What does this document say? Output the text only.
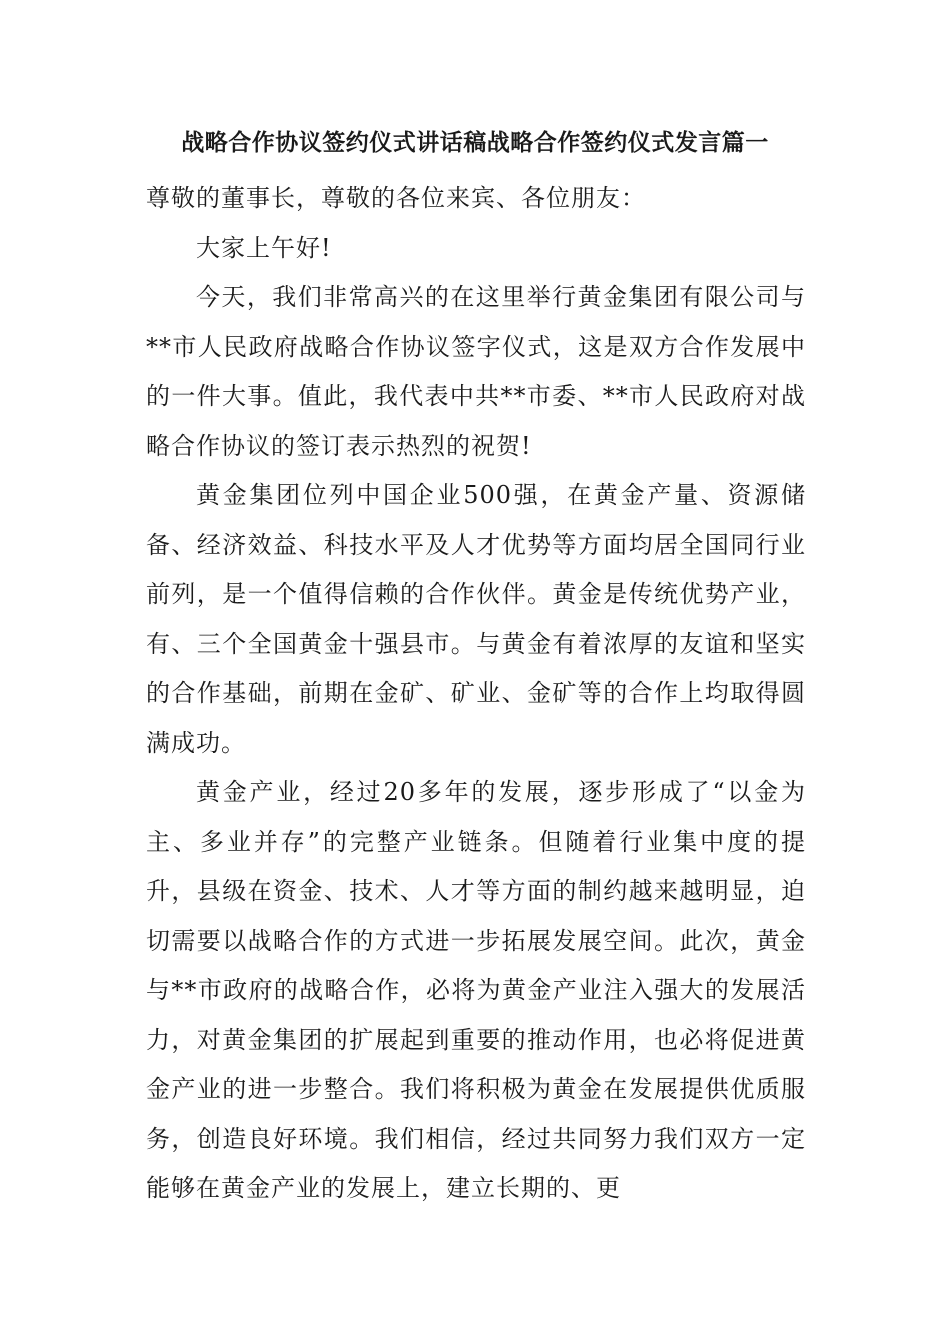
战略合作协议签约仪式讲话稿战略合作签约仪式发言篇一

尊敬的董事长，尊敬的各位来宾、各位朋友：

大家上午好!

今天，我们非常高兴的在这里举行黄金集团有限公司与**市人民政府战略合作协议签字仪式，这是双方合作发展中的一件大事。值此，我代表中共**市委、**市人民政府对战略合作协议的签订表示热烈的祝贺!

黄金集团位列中国企业500强，在黄金产量、资源储备、经济效益、科技水平及人才优势等方面均居全国同行业前列，是一个值得信赖的合作伙伴。黄金是传统优势产业，有、三个全国黄金十强县市。与黄金有着浓厚的友谊和坚实的合作基础，前期在金矿、矿业、金矿等的合作上均取得圆满成功。

黄金产业，经过20多年的发展，逐步形成了“以金为主、多业并存”的完整产业链条。但随着行业集中度的提升，县级在资金、技术、人才等方面的制约越来越明显，迫切需要以战略合作的方式进一步拓展发展空间。此次，黄金与**市政府的战略合作，必将为黄金产业注入强大的发展活力，对黄金集团的扩展起到重要的推动作用，也必将促进黄金产业的进一步整合。我们将积极为黄金在发展提供优质服务，创造良好环境。我们相信，经过共同努力我们双方一定能够在黄金产业的发展上，建立长期的、更
